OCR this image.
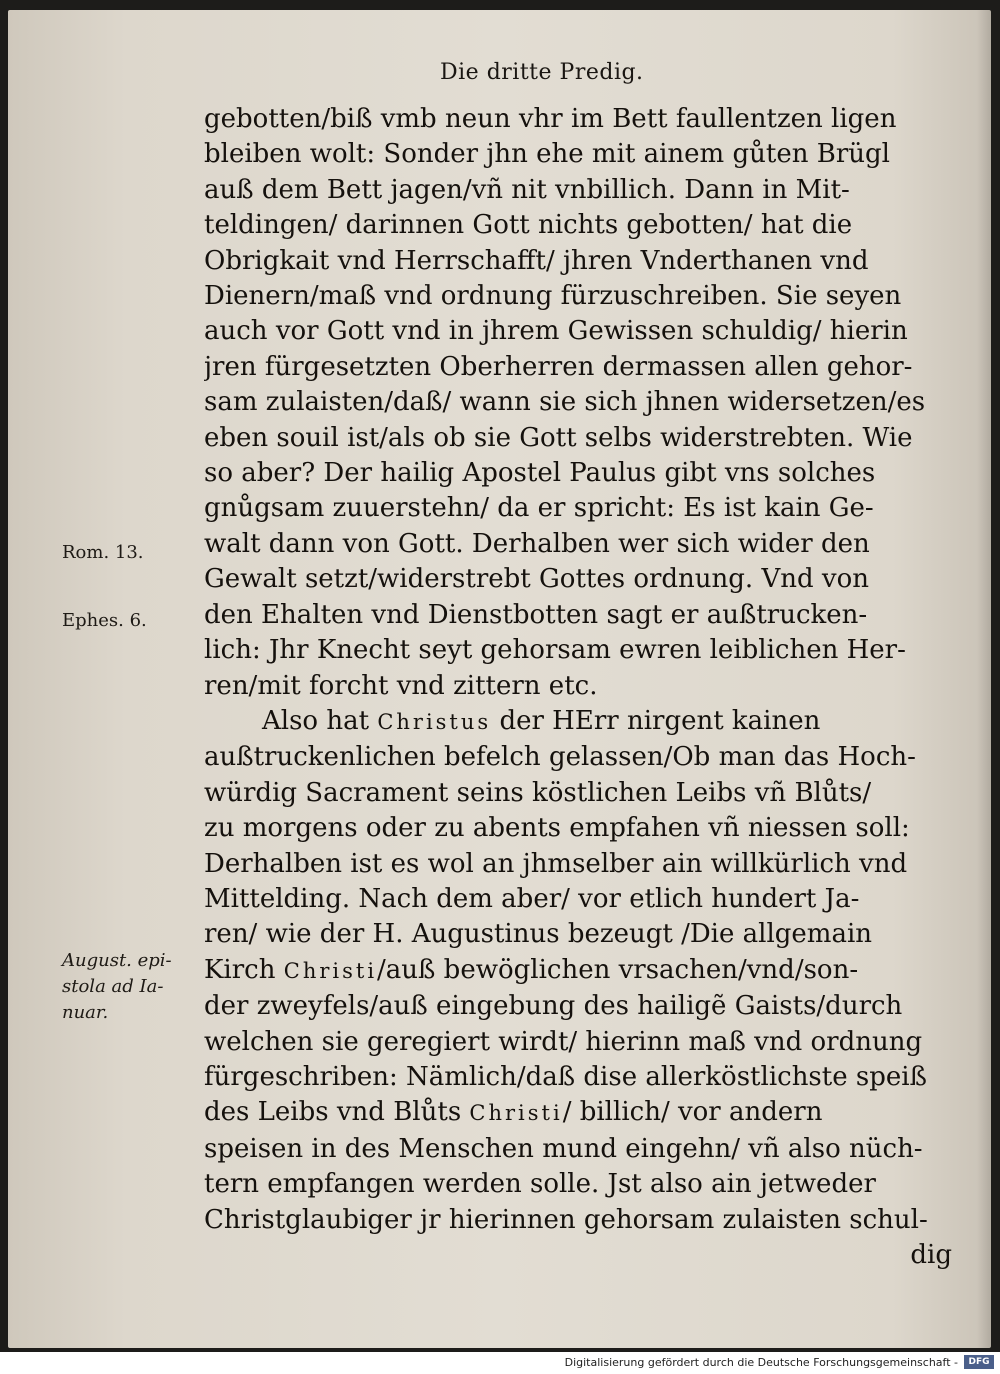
Die dritte Predig.
Rom. 13.
Ephes. 6.
August. epi-
stola ad Ia-
nuar.
gebotten/biß vmb neun vhr im Bett faullentzen ligen
bleiben wolt: Sonder jhn ehe mit ainem gůten Brügl
auß dem Bett jagen/vñ nit vnbillich. Dann in Mit-
teldingen/ darinnen Gott nichts gebotten/ hat die
Obrigkait vnd Herrschafft/ jhren Vnderthanen vnd
Dienern/maß vnd ordnung fürzuschreiben. Sie seyen
auch vor Gott vnd in jhrem Gewissen schuldig/ hierin
jren fürgesetzten Oberherren dermassen allen gehor-
sam zulaisten/daß/ wann sie sich jhnen widersetzen/es
eben souil ist/als ob sie Gott selbs widerstrebten. Wie
so aber? Der hailig Apostel Paulus gibt vns solches
gnůgsam zuuerstehn/ da er spricht: Es ist kain Ge-
walt dann von Gott. Derhalben wer sich wider den
Gewalt setzt/widerstrebt Gottes ordnung. Vnd von
den Ehalten vnd Dienstbotten sagt er außtrucken-
lich: Jhr Knecht seyt gehorsam ewren leiblichen Her-
ren/mit forcht vnd zittern etc.
Also hat Christus der HErr nirgent kainen
außtruckenlichen befelch gelassen/Ob man das Hoch-
würdig Sacrament seins köstlichen Leibs vñ Blůts/
zu morgens oder zu abents empfahen vñ niessen soll:
Derhalben ist es wol an jhmselber ain willkürlich vnd
Mittelding. Nach dem aber/ vor etlich hundert Ja-
ren/ wie der H. Augustinus bezeugt /Die allgemain
Kirch Christi/auß bewöglichen vrsachen/vnd/son-
der zweyfels/auß eingebung des hailigẽ Gaists/durch
welchen sie geregiert wirdt/ hierinn maß vnd ordnung
fürgeschriben: Nämlich/daß dise allerköstlichste speiß
des Leibs vnd Blůts Christi/ billich/ vor andern
speisen in des Menschen mund eingehn/ vñ also nüch-
tern empfangen werden solle. Jst also ain jetweder
Christglaubiger jr hierinnen gehorsam zulaisten schul-
dig
Digitalisierung gefördert durch die Deutsche Forschungsgemeinschaft -	DFG
